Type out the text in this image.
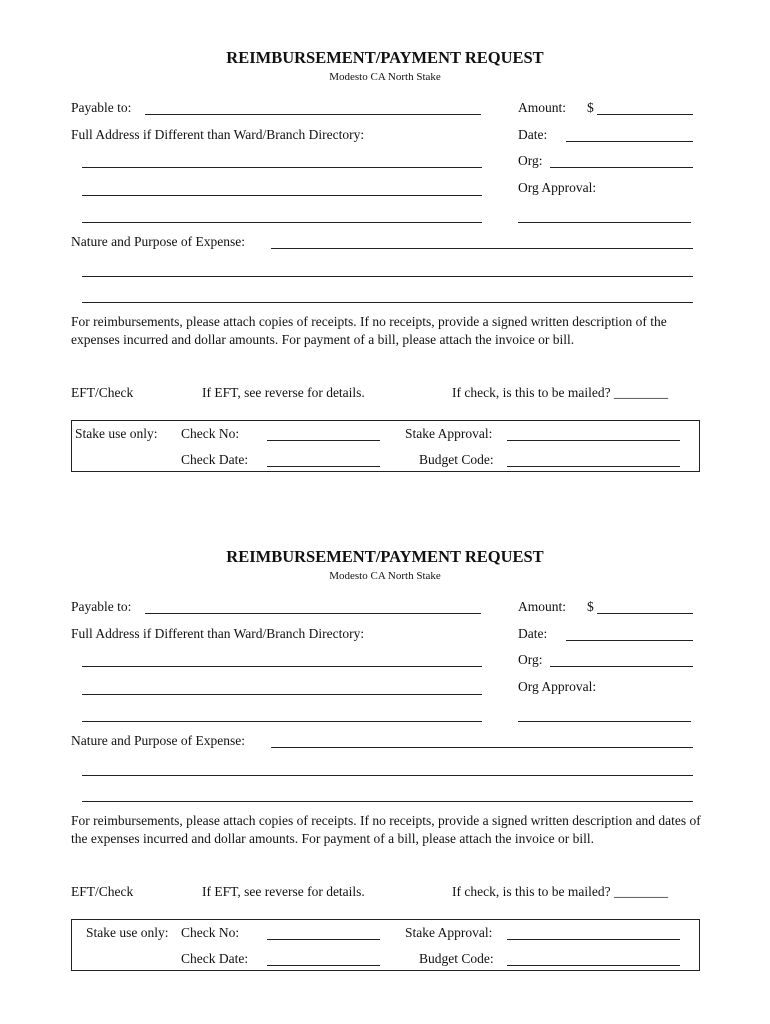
REIMBURSEMENT/PAYMENT REQUEST
Modesto CA North Stake
Payable to:	Amount: $
Full Address if Different than Ward/Branch Directory:	Date:
Org:
Org Approval:
Nature and Purpose of Expense:
For reimbursements, please attach copies of receipts. If no receipts, provide a signed written description of the expenses incurred and dollar amounts. For payment of a bill, please attach the invoice or bill.
EFT/Check	If EFT, see reverse for details.	If check, is this to be mailed? ________
Stake use only: Check No:	Stake Approval:
Check Date:	Budget Code:
REIMBURSEMENT/PAYMENT REQUEST
Modesto CA North Stake
Payable to:	Amount: $
Full Address if Different than Ward/Branch Directory:	Date:
Org:
Org Approval:
Nature and Purpose of Expense:
For reimbursements, please attach copies of receipts. If no receipts, provide a signed written description and dates of the expenses incurred and dollar amounts. For payment of a bill, please attach the invoice or bill.
EFT/Check	If EFT, see reverse for details.	If check, is this to be mailed? ________
Stake use only: Check No:	Stake Approval:
Check Date:	Budget Code:
